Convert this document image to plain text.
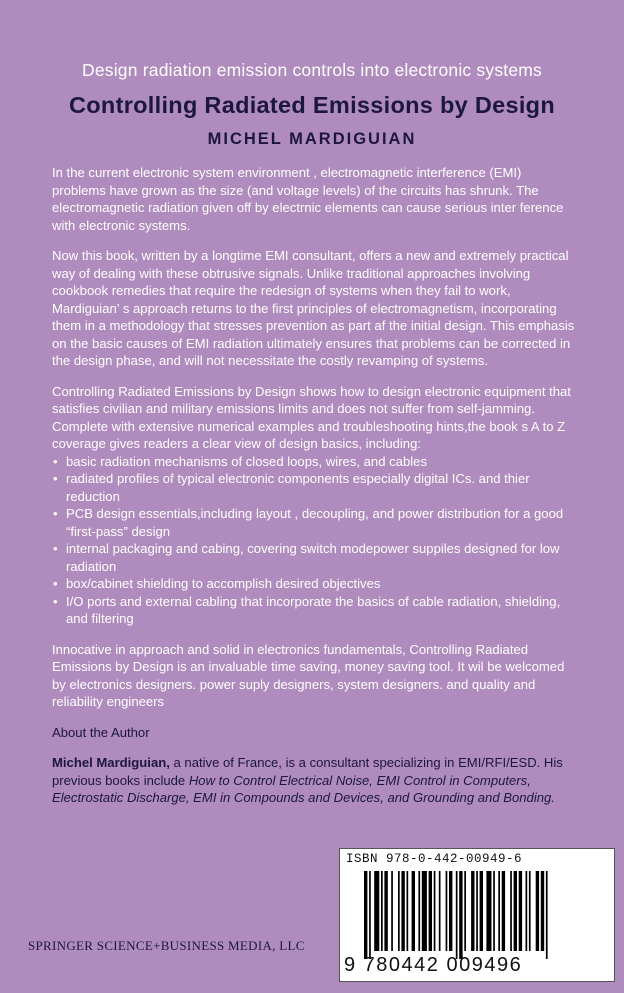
Design radiation emission controls into electronic systems
Controlling Radiated Emissions by Design
MICHEL MARDIGUIAN

In the current electronic system environment , electromagnetic interference (EMI) problems have grown as the size (and voltage levels) of the circuits has shrunk. The electromagnetic radiation given off by electrnic elements can cause serious inter ference with electronic systems.

Now this book, written by a longtime EMI consultant, offers a new and extremely practical way of dealing with these obtrusive signals. Unlike traditional approaches involving cookbook remedies that require the redesign of systems when they fail to work, Mardiguian’ s approach returns to the first principles of electromagnetism, incorporating them in a methodology that stresses prevention as part af the initial design. This emphasis on the basic causes of EMI radiation ultimately ensures that problems can be corrected in the design phase, and will not necessitate the costly revamping of systems.

Controlling Radiated Emissions by Design shows how to design electronic equipment that satisfies civilian and military emissions limits and does not suffer from self-jamming. Complete with extensive numerical examples and troubleshooting hints,the book s A to Z coverage gives readers a clear view of design basics, including:

• basic radiation mechanisms of closed loops, wires, and cables
• radiated profiles of typical electronic components especially digital ICs. and thier reduction
• PCB design essentials,including layout , decoupling, and power distribution for a good “first-pass” design
• internal packaging and cabing, covering switch modepower suppiles designed for low radiation
• box/cabinet shielding to accomplish desired objectives
• I/O ports and external cabling that incorporate the basics of cable radiation, shielding, and filtering

Innocative in approach and solid in electronics fundamentals, Controlling Radiated Emissions by Design is an invaluable time saving, money saving tool. It wil be welcomed by electronics designers. power suply designers, system designers. and quality and reliability engineers

About the Author

Michel Mardiguian, a native of France, is a consultant specializing in EMI/RFI/ESD. His previous books include How to Control Electrical Noise, EMI Control in Computers, Electrostatic Discharge, EMI in Compounds and Devices, and Grounding and Bonding.

SPRINGER SCIENCE+BUSINESS MEDIA, LLC
ISBN 978-0-442-00949-6
9 780442 009496
